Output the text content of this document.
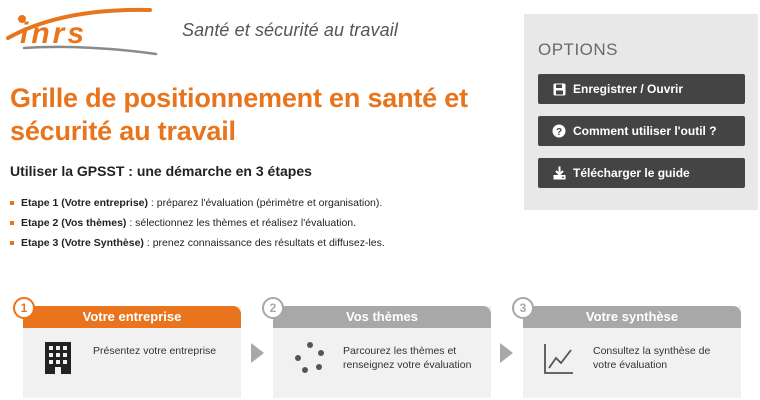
inrs	Santé et sécurité au travail
Grille de positionnement en santé et sécurité au travail
Utiliser la GPSST : une démarche en 3 étapes
Etape 1 (Votre entreprise) : préparez l'évaluation (périmètre et organisation).
Etape 2 (Vos thèmes) : sélectionnez les thèmes et réalisez l'évaluation.
Etape 3 (Votre Synthèse) : prenez connaissance des résultats et diffusez-les.
OPTIONS
Enregistrer / Ouvrir
? Comment utiliser l'outil ?
Télécharger le guide
Votre entreprise
Présentez votre entreprise
Vos thèmes
Parcourez les thèmes et renseignez votre évaluation
Votre synthèse
Consultez la synthèse de votre évaluation
1	2	3
